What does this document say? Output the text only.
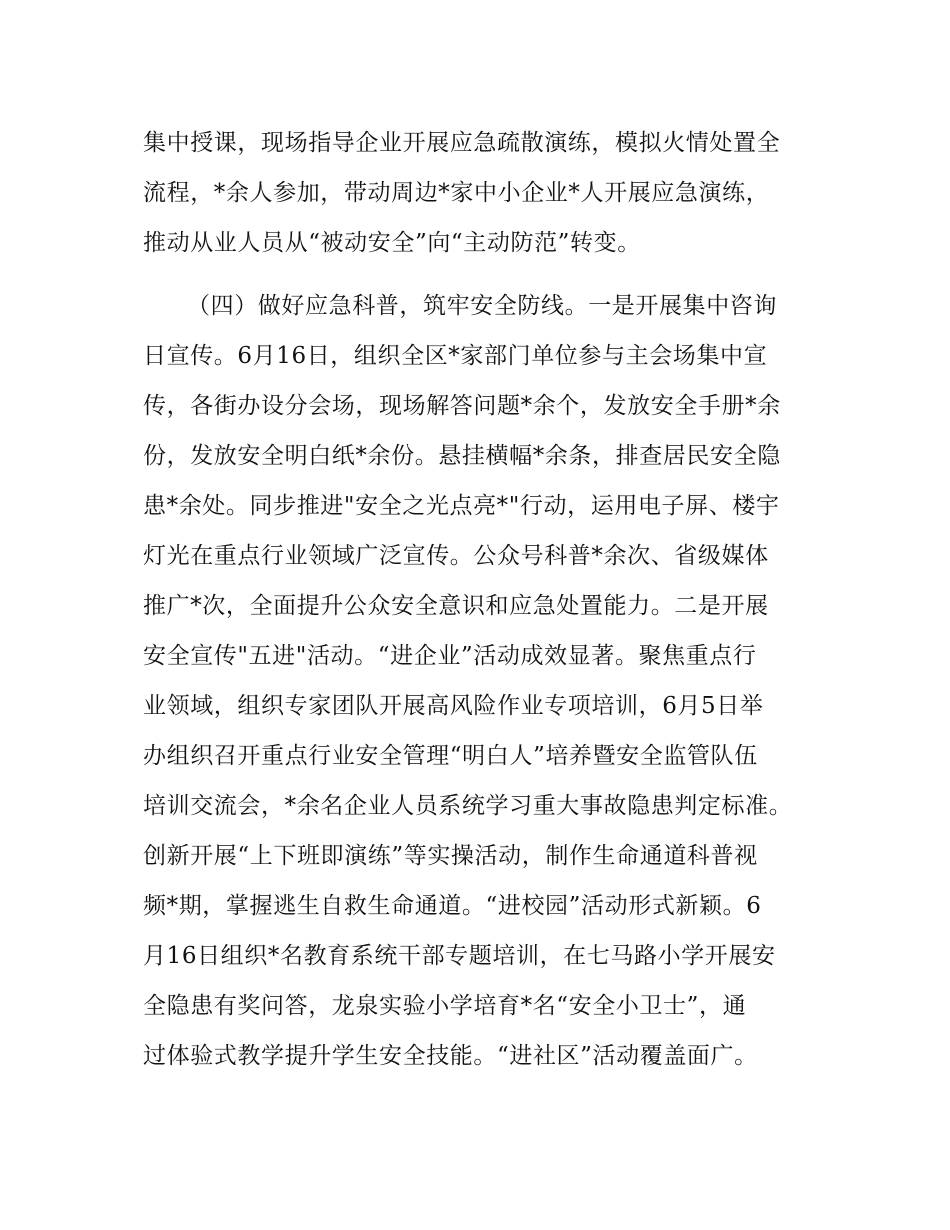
集中授课，现场指导企业开展应急疏散演练，模拟火情处置全
流程，*余人参加，带动周边*家中小企业*人开展应急演练，
推动从业人员从“被动安全”向“主动防范”转变。
（四）做好应急科普，筑牢安全防线。一是开展集中咨询
日宣传。6月16日，组织全区*家部门单位参与主会场集中宣
传，各街办设分会场，现场解答问题*余个，发放安全手册*余
份，发放安全明白纸*余份。悬挂横幅*余条，排查居民安全隐
患*余处。同步推进"安全之光点亮*"行动，运用电子屏、楼宇
灯光在重点行业领域广泛宣传。公众号科普*余次、省级媒体
推广*次，全面提升公众安全意识和应急处置能力。二是开展
安全宣传"五进"活动。“进企业”活动成效显著。聚焦重点行
业领域，组织专家团队开展高风险作业专项培训，6月5日举
办组织召开重点行业安全管理“明白人”培养暨安全监管队伍
培训交流会，*余名企业人员系统学习重大事故隐患判定标准。
创新开展“上下班即演练”等实操活动，制作生命通道科普视
频*期，掌握逃生自救生命通道。“进校园”活动形式新颖。6
月16日组织*名教育系统干部专题培训，在七马路小学开展安
全隐患有奖问答，龙泉实验小学培育*名“安全小卫士”，通
过体验式教学提升学生安全技能。“进社区”活动覆盖面广。
